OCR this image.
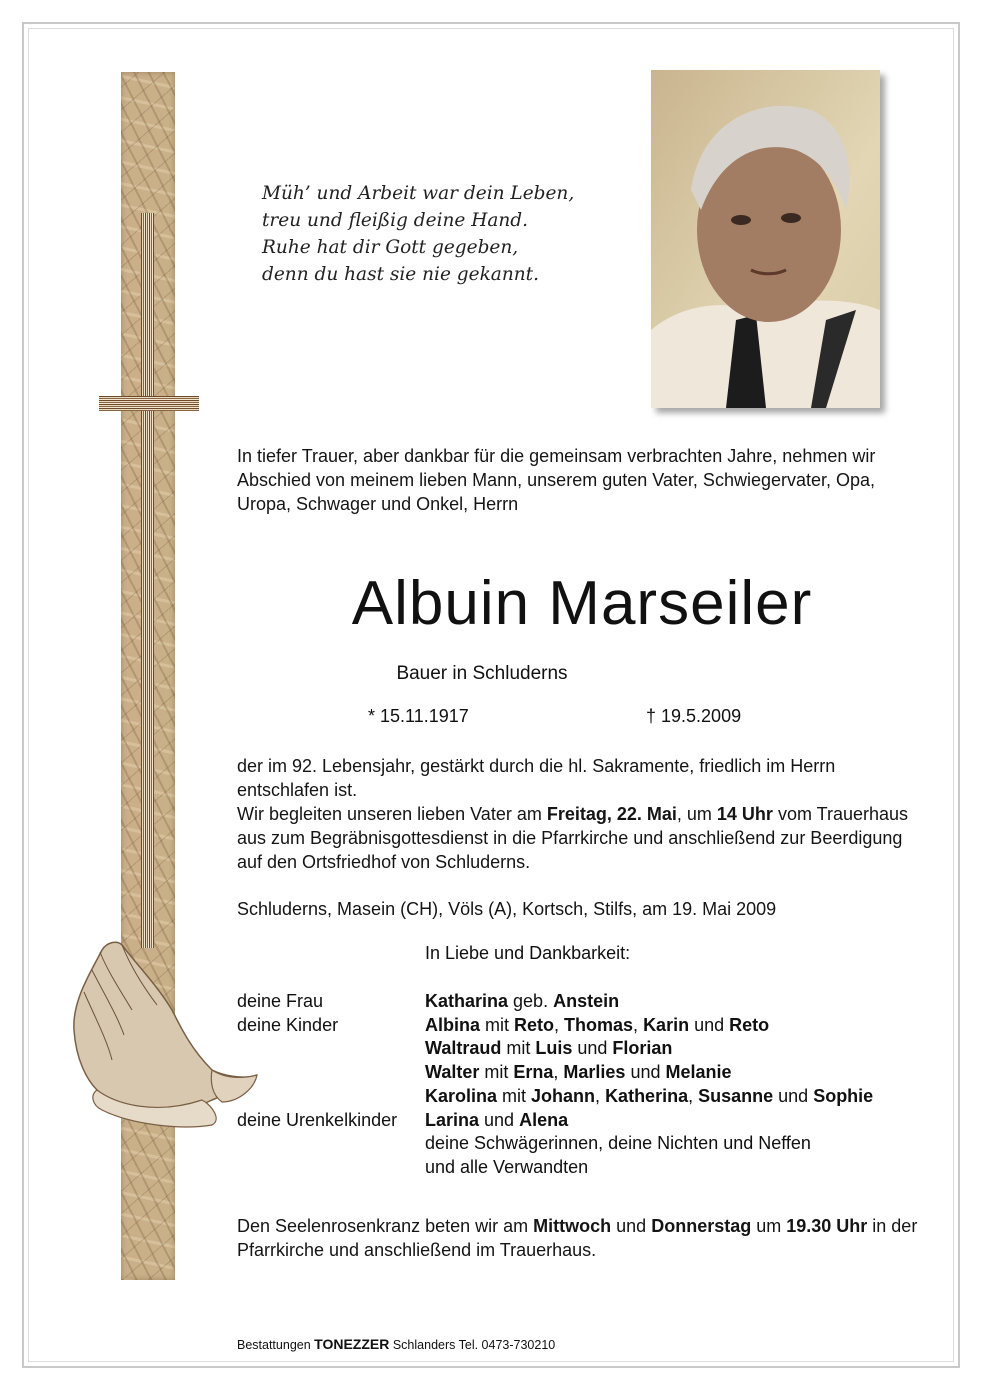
Müh’ und Arbeit war dein Leben,
treu und fleißig deine Hand.
Ruhe hat dir Gott gegeben,
denn du hast sie nie gekannt.
In tiefer Trauer, aber dankbar für die gemeinsam verbrachten Jahre, nehmen wir Abschied von meinem lieben Mann, unserem guten Vater, Schwiegervater, Opa, Uropa, Schwager und Onkel, Herrn
Albuin Marseiler
Bauer in Schluderns
* 15.11.1917	† 19.5.2009
der im 92. Lebensjahr, gestärkt durch die hl. Sakramente, friedlich im Herrn entschlafen ist.
Wir begleiten unseren lieben Vater am Freitag, 22. Mai, um 14 Uhr vom Trauerhaus aus zum Begräbnisgottesdienst in die Pfarrkirche und anschließend zur Beerdigung auf den Ortsfriedhof von Schluderns.
Schluderns, Masein (CH), Völs (A), Kortsch, Stilfs, am 19. Mai 2009
In Liebe und Dankbarkeit:
deine Frau	Katharina geb. Anstein
deine Kinder	Albina mit Reto, Thomas, Karin und Reto
Waltraud mit Luis und Florian
Walter mit Erna, Marlies und Melanie
Karolina mit Johann, Katherina, Susanne und Sophie
deine Urenkelkinder	Larina und Alena
deine Schwägerinnen, deine Nichten und Neffen
und alle Verwandten
Den Seelenrosenkranz beten wir am Mittwoch und Donnerstag um 19.30 Uhr in der Pfarrkirche und anschließend im Trauerhaus.
Bestattungen TONEZZER Schlanders Tel. 0473-730210
